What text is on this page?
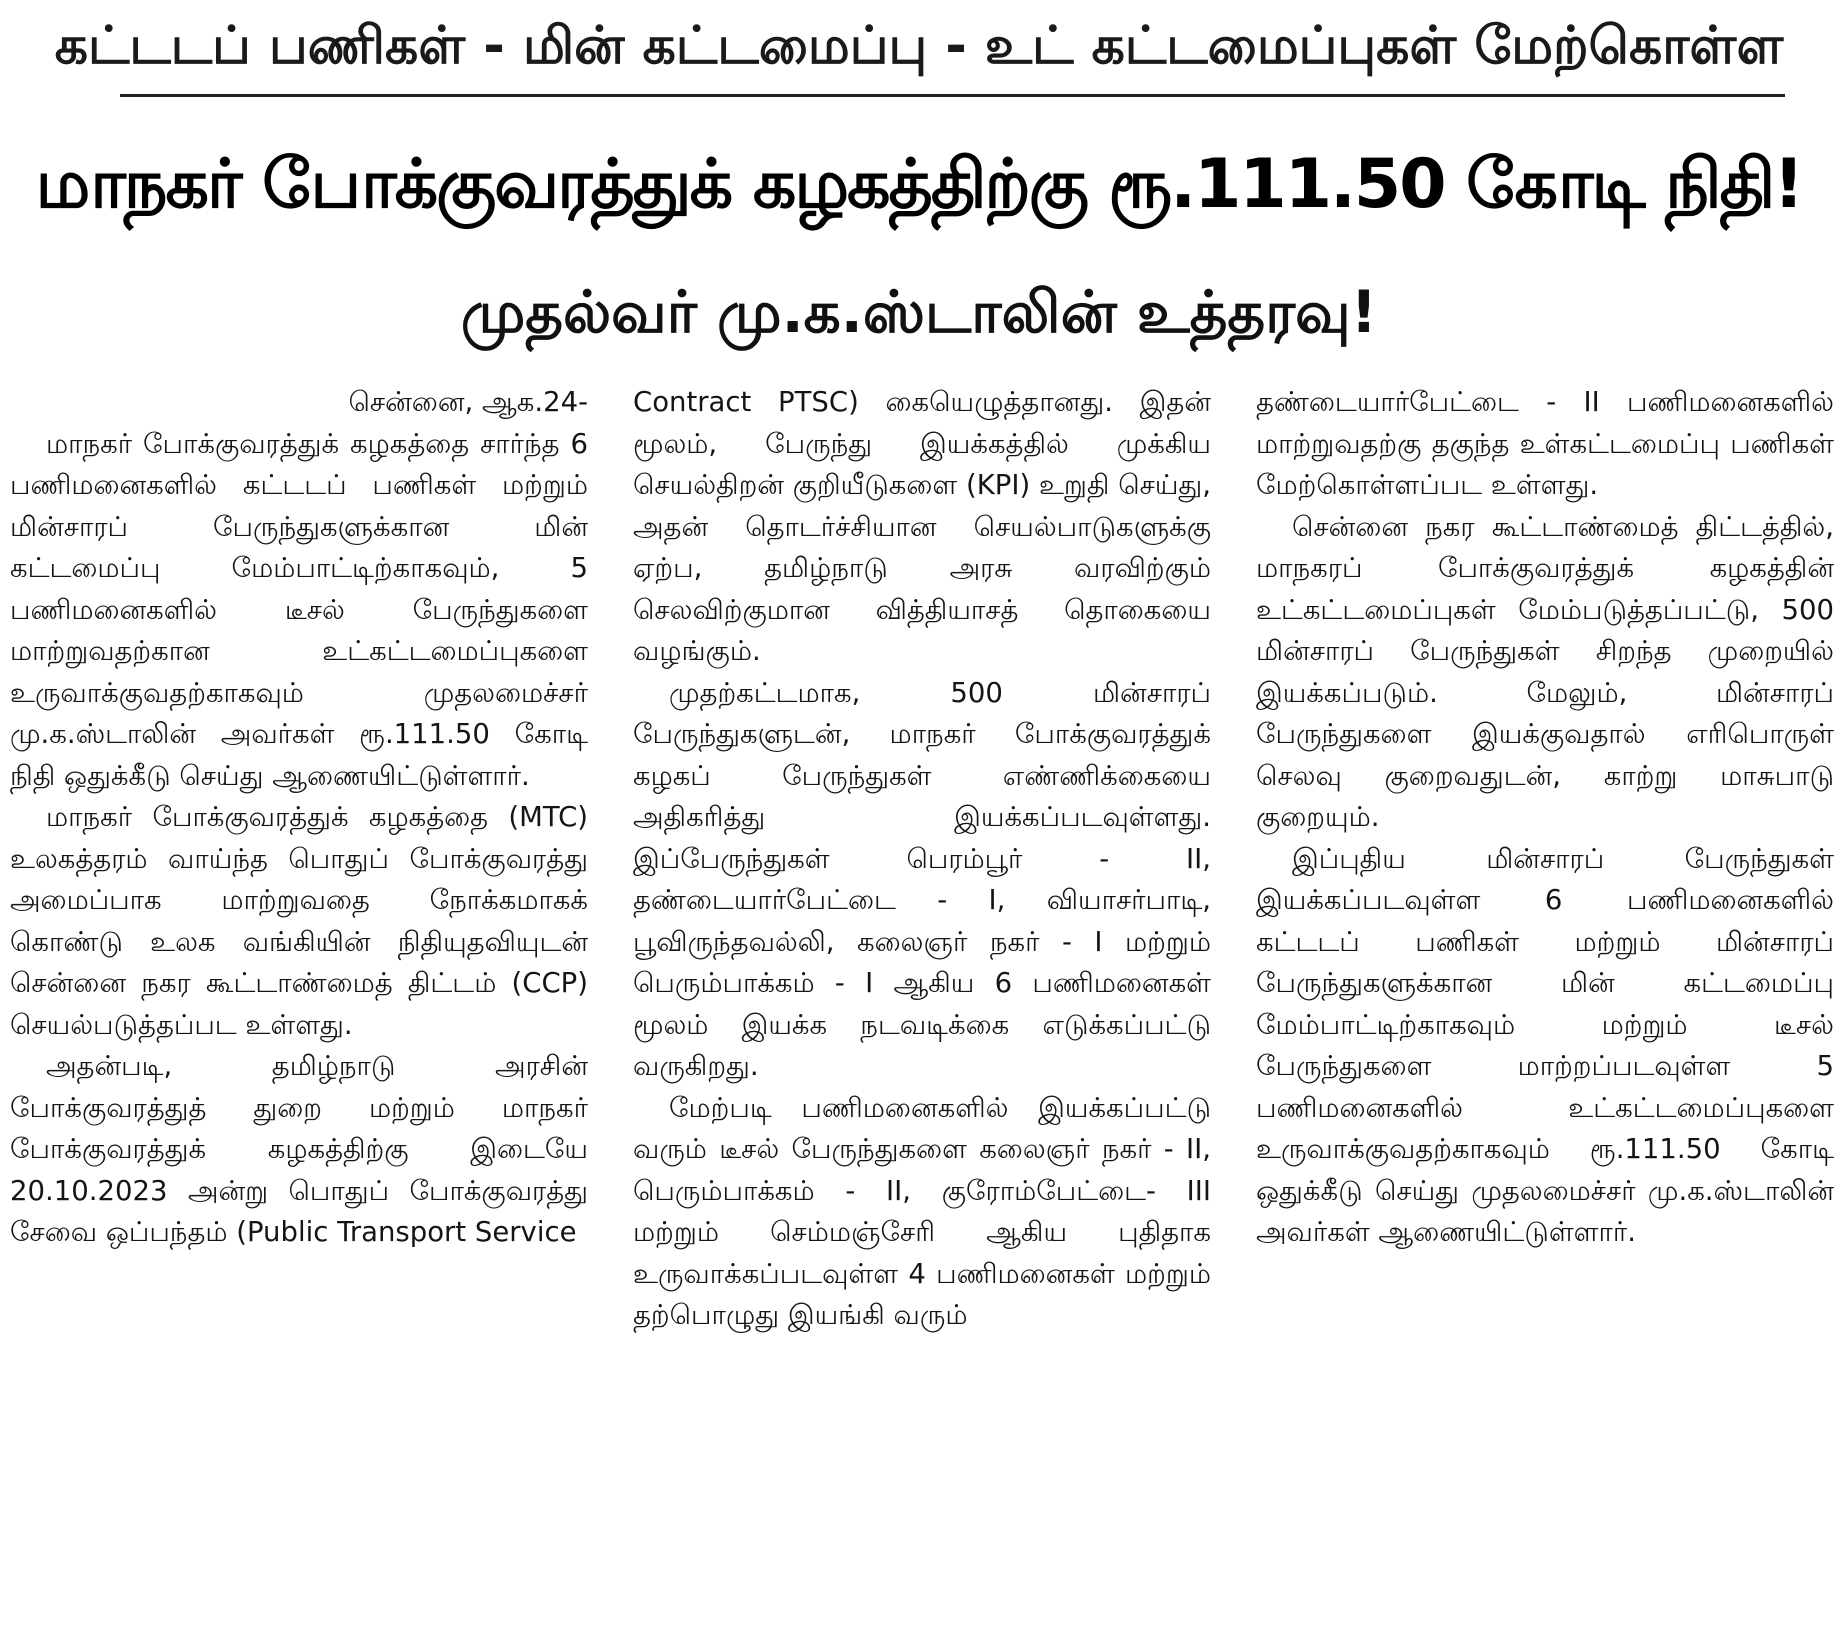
கட்டடப் பணிகள் - மின் கட்டமைப்பு - உட் கட்டமைப்புகள் மேற்கொள்ள
மாநகர் போக்குவரத்துக் கழகத்திற்கு ரூ.111.50 கோடி நிதி!
முதல்வர் மு.க.ஸ்டாலின் உத்தரவு!

சென்னை, ஆக.24-

மாநகர் போக்குவரத்துக் கழகத்தை சார்ந்த 6 பணிமனைகளில் கட்டடப் பணிகள் மற்றும் மின்சாரப் பேருந்துகளுக்கான மின் கட்டமைப்பு மேம்பாட்டிற்காகவும், 5 பணிமனைகளில் டீசல் பேருந்துகளை மாற்றுவதற்கான உட்கட்டமைப்புகளை உருவாக்குவதற்காகவும் முதலமைச்சர் மு.க.ஸ்டாலின் அவர்கள் ரூ.111.50 கோடி நிதி ஒதுக்கீடு செய்து ஆணையிட்டுள்ளார்.

மாநகர் போக்குவரத்துக் கழகத்தை (MTC) உலகத்தரம் வாய்ந்த பொதுப் போக்குவரத்து அமைப்பாக மாற்றுவதை நோக்கமாகக் கொண்டு உலக வங்கியின் நிதியுதவியுடன் சென்னை நகர கூட்டாண்மைத் திட்டம் (CCP) செயல்படுத்தப்பட உள்ளது.

அதன்படி, தமிழ்நாடு அரசின் போக்குவரத்துத் துறை மற்றும் மாநகர் போக்குவரத்துக் கழகத்திற்கு இடையே 20.10.2023 அன்று பொதுப் போக்குவரத்து சேவை ஒப்பந்தம் (Public Transport Service

Contract PTSC) கையெழுத்தானது. இதன் மூலம், பேருந்து இயக்கத்தில் முக்கிய செயல்திறன் குறியீடுகளை (KPI) உறுதி செய்து, அதன் தொடர்ச்சியான செயல்பாடுகளுக்கு ஏற்ப, தமிழ்நாடு அரசு வரவிற்கும் செலவிற்குமான வித்தியாசத் தொகையை வழங்கும்.

முதற்கட்டமாக, 500 மின்சாரப் பேருந்துகளுடன், மாநகர் போக்குவரத்துக் கழகப் பேருந்துகள் எண்ணிக்கையை அதிகரித்து இயக்கப்படவுள்ளது. இப்பேருந்துகள் பெரம்பூர் - II, தண்டையார்பேட்டை - I, வியாசர்பாடி, பூவிருந்தவல்லி, கலைஞர் நகர் - I மற்றும் பெரும்பாக்கம் - I ஆகிய 6 பணிமனைகள் மூலம் இயக்க நடவடிக்கை எடுக்கப்பட்டு வருகிறது.

மேற்படி பணிமனைகளில் இயக்கப்பட்டு வரும் டீசல் பேருந்துகளை கலைஞர் நகர் - II, பெரும்பாக்கம் - II, குரோம்பேட்டை- III மற்றும் செம்மஞ்சேரி ஆகிய புதிதாக உருவாக்கப்படவுள்ள 4 பணிமனைகள் மற்றும் தற்பொழுது இயங்கி வரும்

தண்டையார்பேட்டை - II பணிமனைகளில் மாற்றுவதற்கு தகுந்த உள்கட்டமைப்பு பணிகள் மேற்கொள்ளப்பட உள்ளது.

சென்னை நகர கூட்டாண்மைத் திட்டத்தில், மாநகரப் போக்குவரத்துக் கழகத்தின் உட்கட்டமைப்புகள் மேம்படுத்தப்பட்டு, 500 மின்சாரப் பேருந்துகள் சிறந்த முறையில் இயக்கப்படும். மேலும், மின்சாரப் பேருந்துகளை இயக்குவதால் எரிபொருள் செலவு குறைவதுடன், காற்று மாசுபாடு குறையும்.

இப்புதிய மின்சாரப் பேருந்துகள் இயக்கப்படவுள்ள 6 பணிமனைகளில் கட்டடப் பணிகள் மற்றும் மின்சாரப் பேருந்துகளுக்கான மின் கட்டமைப்பு மேம்பாட்டிற்காகவும் மற்றும் டீசல் பேருந்துகளை மாற்றப்படவுள்ள 5 பணிமனைகளில் உட்கட்டமைப்புகளை உருவாக்குவதற்காகவும் ரூ.111.50 கோடி ஒதுக்கீடு செய்து முதலமைச்சர் மு.க.ஸ்டாலின் அவர்கள் ஆணையிட்டுள்ளார்.
